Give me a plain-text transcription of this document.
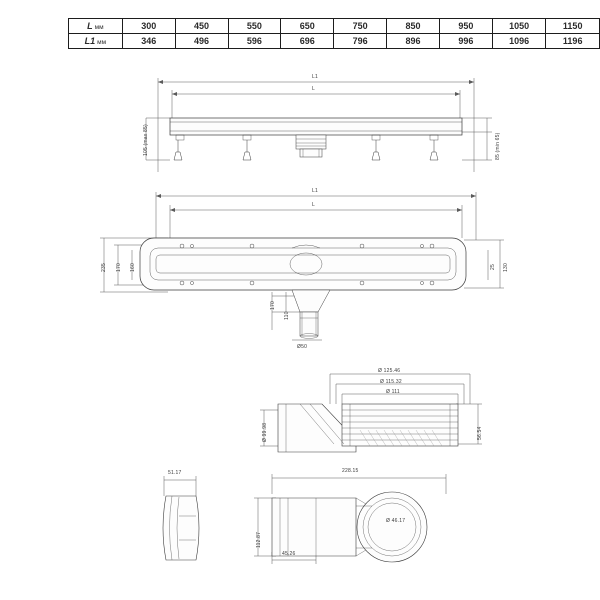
L мм	300	450	550	650	750	850	950	1050	1150
L1 мм	346	496	596	696	796	896	996	1096	1196
L1
L
105 (max 85)	85 (min 65)
L1
L
235 170 160	130
25
170
110
Ø50
Ø 125.46
Ø 115.32
Ø 111
Ø 99.98	56.54
51.17	228.15
112.87
45.26
Ø 46.17
